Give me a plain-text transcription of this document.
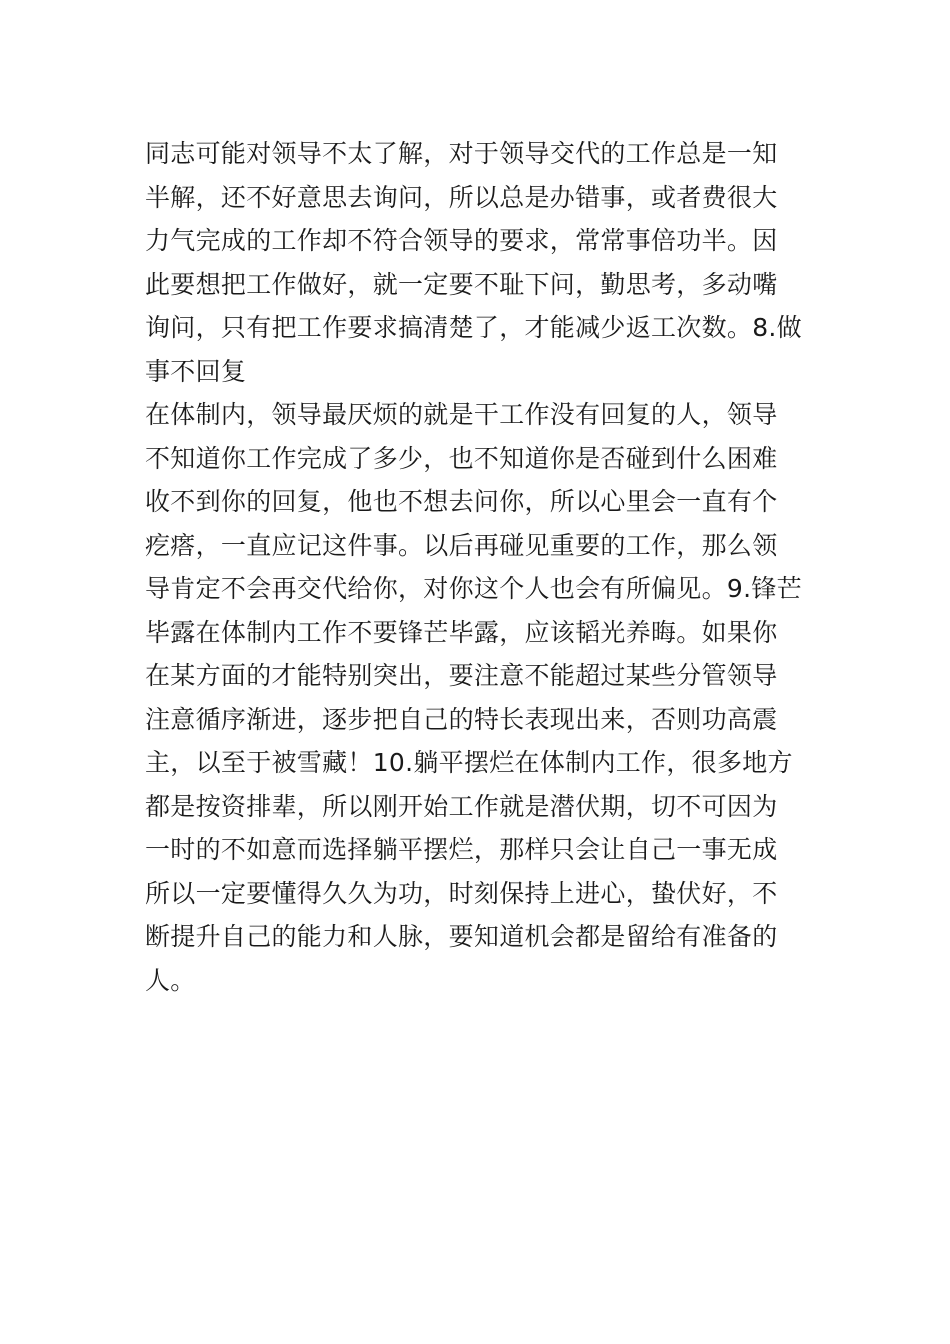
同志可能对领导不太了解，对于领导交代的工作总是一知
半解，还不好意思去询问，所以总是办错事，或者费很大
力气完成的工作却不符合领导的要求，常常事倍功半。因
此要想把工作做好，就一定要不耻下问，勤思考，多动嘴
询问，只有把工作要求搞清楚了，才能减少返工次数。8.做
事不回复
在体制内，领导最厌烦的就是干工作没有回复的人，领导
不知道你工作完成了多少，也不知道你是否碰到什么困难
收不到你的回复，他也不想去问你，所以心里会一直有个
疙瘩，一直应记这件事。以后再碰见重要的工作，那么领
导肯定不会再交代给你，对你这个人也会有所偏见。9.锋芒
毕露在体制内工作不要锋芒毕露，应该韬光养晦。如果你
在某方面的才能特别突出，要注意不能超过某些分管领导
注意循序渐进，逐步把自己的特长表现出来，否则功高震
主，以至于被雪藏！10.躺平摆烂在体制内工作，很多地方
都是按资排辈，所以刚开始工作就是潜伏期，切不可因为
一时的不如意而选择躺平摆烂，那样只会让自己一事无成
所以一定要懂得久久为功，时刻保持上进心，蛰伏好，不
断提升自己的能力和人脉，要知道机会都是留给有准备的
人。
